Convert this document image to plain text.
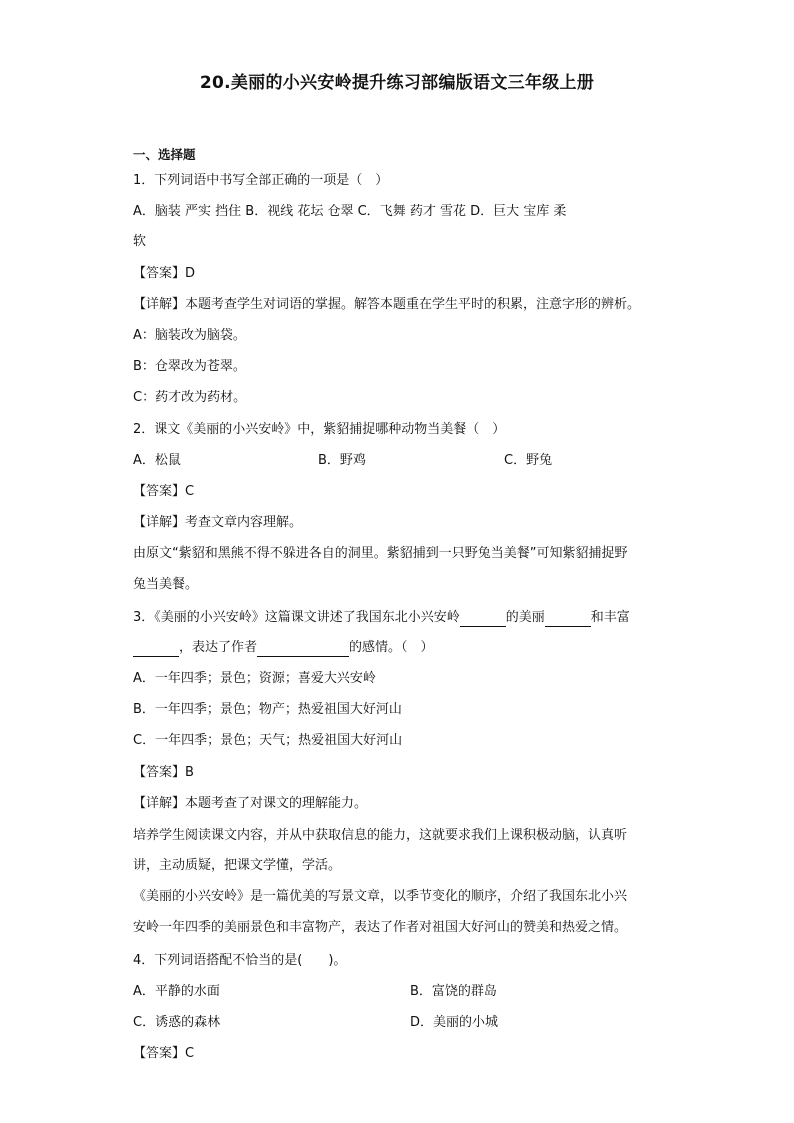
20.美丽的小兴安岭提升练习部编版语文三年级上册
一、选择题
1．下列词语中书写全部正确的一项是（　）
A．脑装 严实 挡住 B．视线 花坛 仓翠 C．飞舞 药才 雪花 D．巨大 宝库 柔
软
【答案】D
【详解】本题考查学生对词语的掌握。解答本题重在学生平时的积累，注意字形的辨析。
A：脑装改为脑袋。
B：仓翠改为苍翠。
C：药才改为药材。
2．课文《美丽的小兴安岭》中，紫貂捕捉哪种动物当美餐（　）
A．松鼠	B．野鸡	C．野兔
【答案】C
【详解】考查文章内容理解。
由原文“紫貂和黑熊不得不躲进各自的洞里。紫貂捕到一只野兔当美餐”可知紫貂捕捉野
兔当美餐。
3．《美丽的小兴安岭》这篇课文讲述了我国东北小兴安岭	的美丽	和丰富
，表达了作者	的感情。（　）
A．一年四季；景色；资源；喜爱大兴安岭
B．一年四季；景色；物产；热爱祖国大好河山
C．一年四季；景色；天气；热爱祖国大好河山
【答案】B
【详解】本题考查了对课文的理解能力。
培养学生阅读课文内容，并从中获取信息的能力，这就要求我们上课积极动脑，认真听
讲，主动质疑，把课文学懂，学活。
《美丽的小兴安岭》是一篇优美的写景文章，以季节变化的顺序，介绍了我国东北小兴
安岭一年四季的美丽景色和丰富物产，表达了作者对祖国大好河山的赞美和热爱之情。
4．下列词语搭配不恰当的是(　　)。
A．平静的水面	B．富饶的群岛
C．诱惑的森林	D．美丽的小城
【答案】C
